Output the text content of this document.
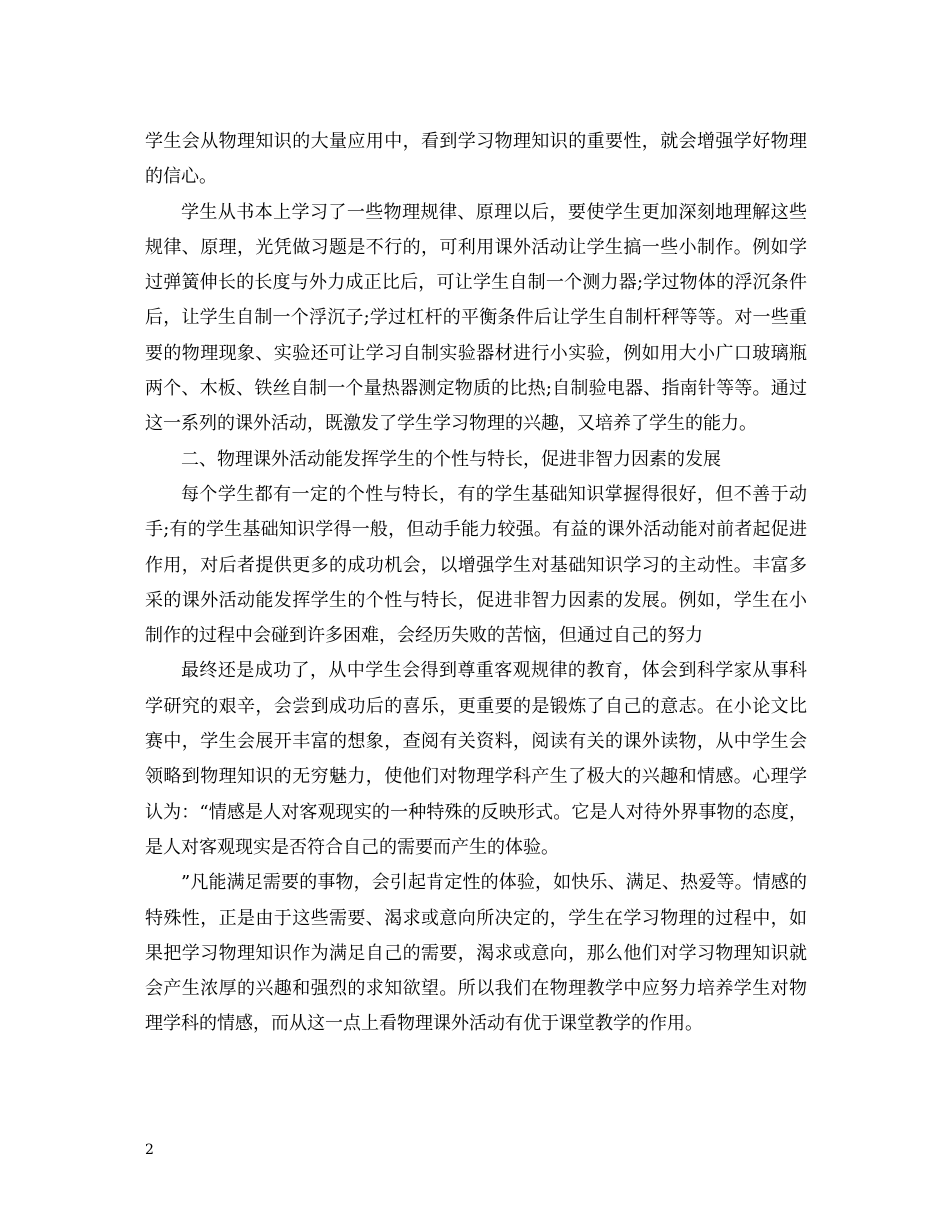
学生会从物理知识的大量应用中，看到学习物理知识的重要性，就会增强学好物理的信心。

学生从书本上学习了一些物理规律、原理以后，要使学生更加深刻地理解这些规律、原理，光凭做习题是不行的，可利用课外活动让学生搞一些小制作。例如学过弹簧伸长的长度与外力成正比后，可让学生自制一个测力器;学过物体的浮沉条件后，让学生自制一个浮沉子;学过杠杆的平衡条件后让学生自制杆秤等等。对一些重要的物理现象、实验还可让学习自制实验器材进行小实验，例如用大小广口玻璃瓶两个、木板、铁丝自制一个量热器测定物质的比热;自制验电器、指南针等等。通过这一系列的课外活动，既激发了学生学习物理的兴趣，又培养了学生的能力。

二、物理课外活动能发挥学生的个性与特长，促进非智力因素的发展

每个学生都有一定的个性与特长，有的学生基础知识掌握得很好，但不善于动手;有的学生基础知识学得一般，但动手能力较强。有益的课外活动能对前者起促进作用，对后者提供更多的成功机会，以增强学生对基础知识学习的主动性。丰富多采的课外活动能发挥学生的个性与特长，促进非智力因素的发展。例如，学生在小制作的过程中会碰到许多困难，会经历失败的苦恼，但通过自己的努力

最终还是成功了，从中学生会得到尊重客观规律的教育，体会到科学家从事科学研究的艰辛，会尝到成功后的喜乐，更重要的是锻炼了自己的意志。在小论文比赛中，学生会展开丰富的想象，查阅有关资料，阅读有关的课外读物，从中学生会领略到物理知识的无穷魅力，使他们对物理学科产生了极大的兴趣和情感。心理学认为：“情感是人对客观现实的一种特殊的反映形式。它是人对待外界事物的态度，是人对客观现实是否符合自己的需要而产生的体验。

”凡能满足需要的事物，会引起肯定性的体验，如快乐、满足、热爱等。情感的特殊性，正是由于这些需要、渴求或意向所决定的，学生在学习物理的过程中，如果把学习物理知识作为满足自己的需要，渴求或意向，那么他们对学习物理知识就会产生浓厚的兴趣和强烈的求知欲望。所以我们在物理教学中应努力培养学生对物理学科的情感，而从这一点上看物理课外活动有优于课堂教学的作用。

2
